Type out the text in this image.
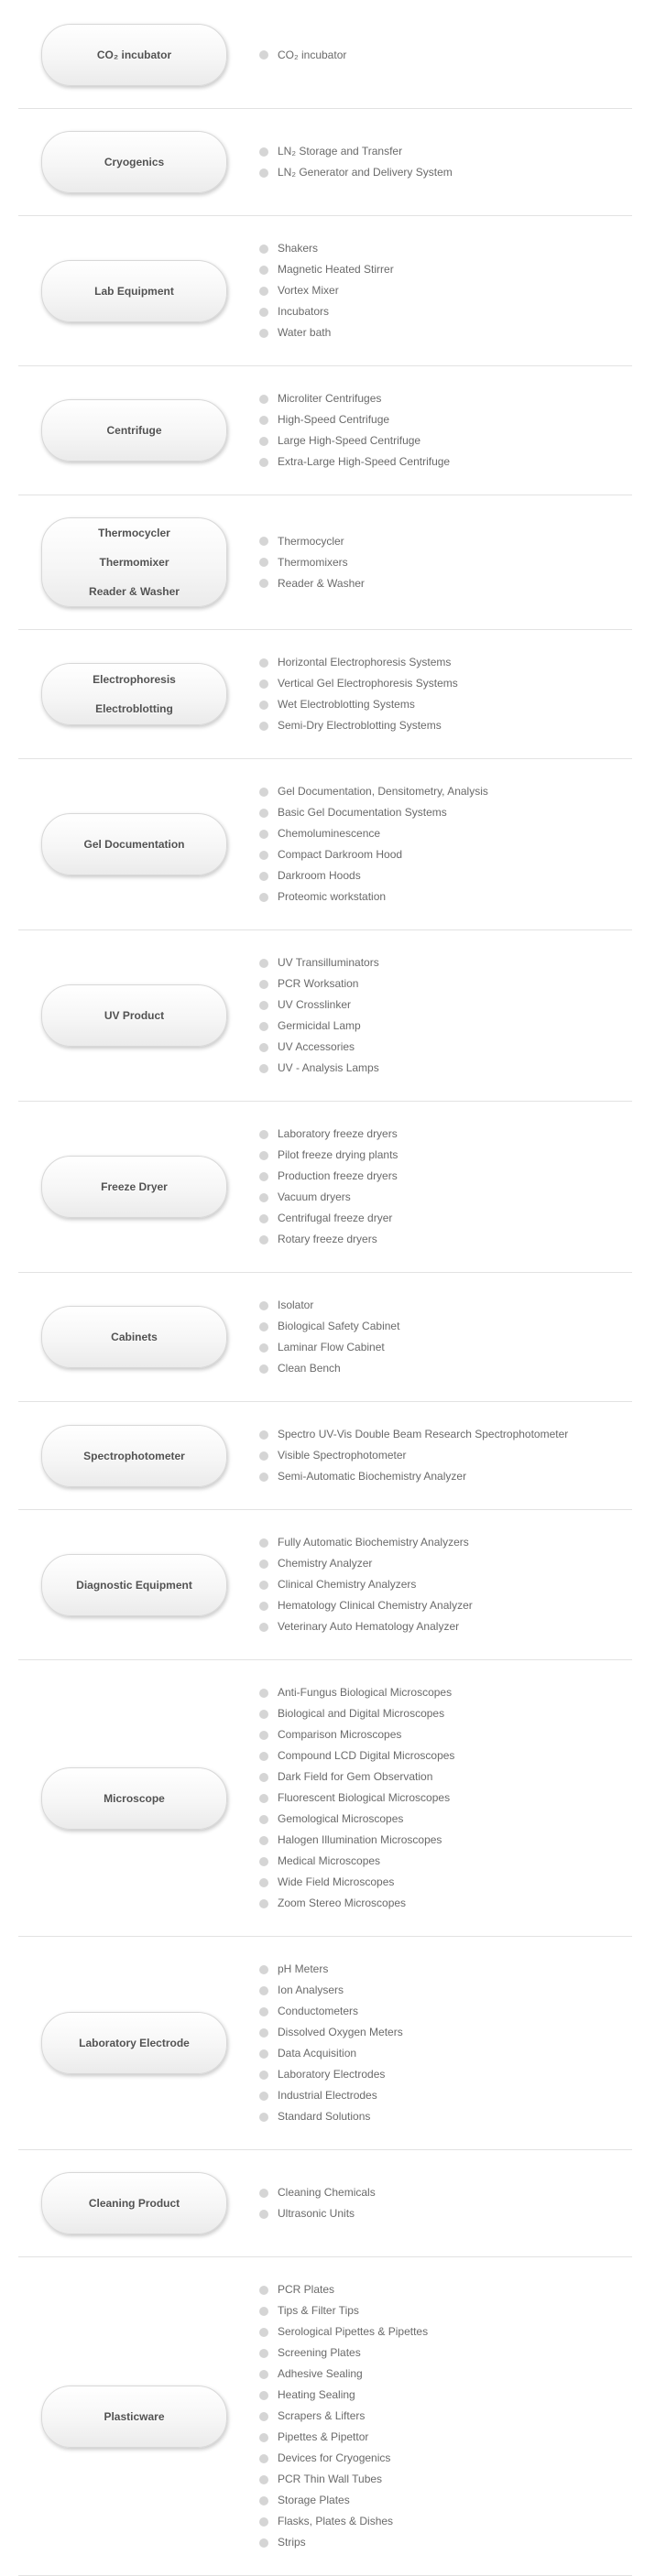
CO₂ incubator	CO₂ incubator
Cryogenics
LN₂ Storage and Transfer
LN₂ Generator and Delivery System
Lab Equipment
Shakers
Magnetic Heated Stirrer
Vortex Mixer
Incubators
Water bath
Centrifuge
Microliter Centrifuges
High-Speed Centrifuge
Large High-Speed Centrifuge
Extra-Large High-Speed Centrifuge
Thermocycler

Thermomixer

Reader & Washer
Thermocycler
Thermomixers
Reader & Washer
Electrophoresis

Electroblotting
Horizontal Electrophoresis Systems
Vertical Gel Electrophoresis Systems
Wet Electroblotting Systems
Semi-Dry Electroblotting Systems
Gel Documentation
Gel Documentation, Densitometry, Analysis
Basic Gel Documentation Systems
Chemoluminescence
Compact Darkroom Hood
Darkroom Hoods
Proteomic workstation
UV Product
UV Transilluminators
PCR Worksation
UV Crosslinker
Germicidal Lamp
UV Accessories
UV - Analysis Lamps
Freeze Dryer
Laboratory freeze dryers
Pilot freeze drying plants
Production freeze dryers
Vacuum dryers
Centrifugal freeze dryer
Rotary freeze dryers
Cabinets
Isolator
Biological Safety Cabinet
Laminar Flow Cabinet
Clean Bench
Spectrophotometer
Spectro UV-Vis Double Beam Research Spectrophotometer
Visible Spectrophotometer
Semi-Automatic Biochemistry Analyzer
Diagnostic Equipment
Fully Automatic Biochemistry Analyzers
Chemistry Analyzer
Clinical Chemistry Analyzers
Hematology Clinical Chemistry Analyzer
Veterinary Auto Hematology Analyzer
Microscope
Anti-Fungus Biological Microscopes
Biological and Digital Microscopes
Comparison Microscopes
Compound LCD Digital Microscopes
Dark Field for Gem Observation
Fluorescent Biological Microscopes
Gemological Microscopes
Halogen Illumination Microscopes
Medical Microscopes
Wide Field Microscopes
Zoom Stereo Microscopes
Laboratory Electrode
pH Meters
Ion Analysers
Conductometers
Dissolved Oxygen Meters
Data Acquisition
Laboratory Electrodes
Industrial Electrodes
Standard Solutions
Cleaning Product
Cleaning Chemicals
Ultrasonic Units
Plasticware
PCR Plates
Tips & Filter Tips
Serological Pipettes & Pipettes
Screening Plates
Adhesive Sealing
Heating Sealing
Scrapers & Lifters
Pipettes & Pipettor
Devices for Cryogenics
PCR Thin Wall Tubes
Storage Plates
Flasks, Plates & Dishes
Strips
